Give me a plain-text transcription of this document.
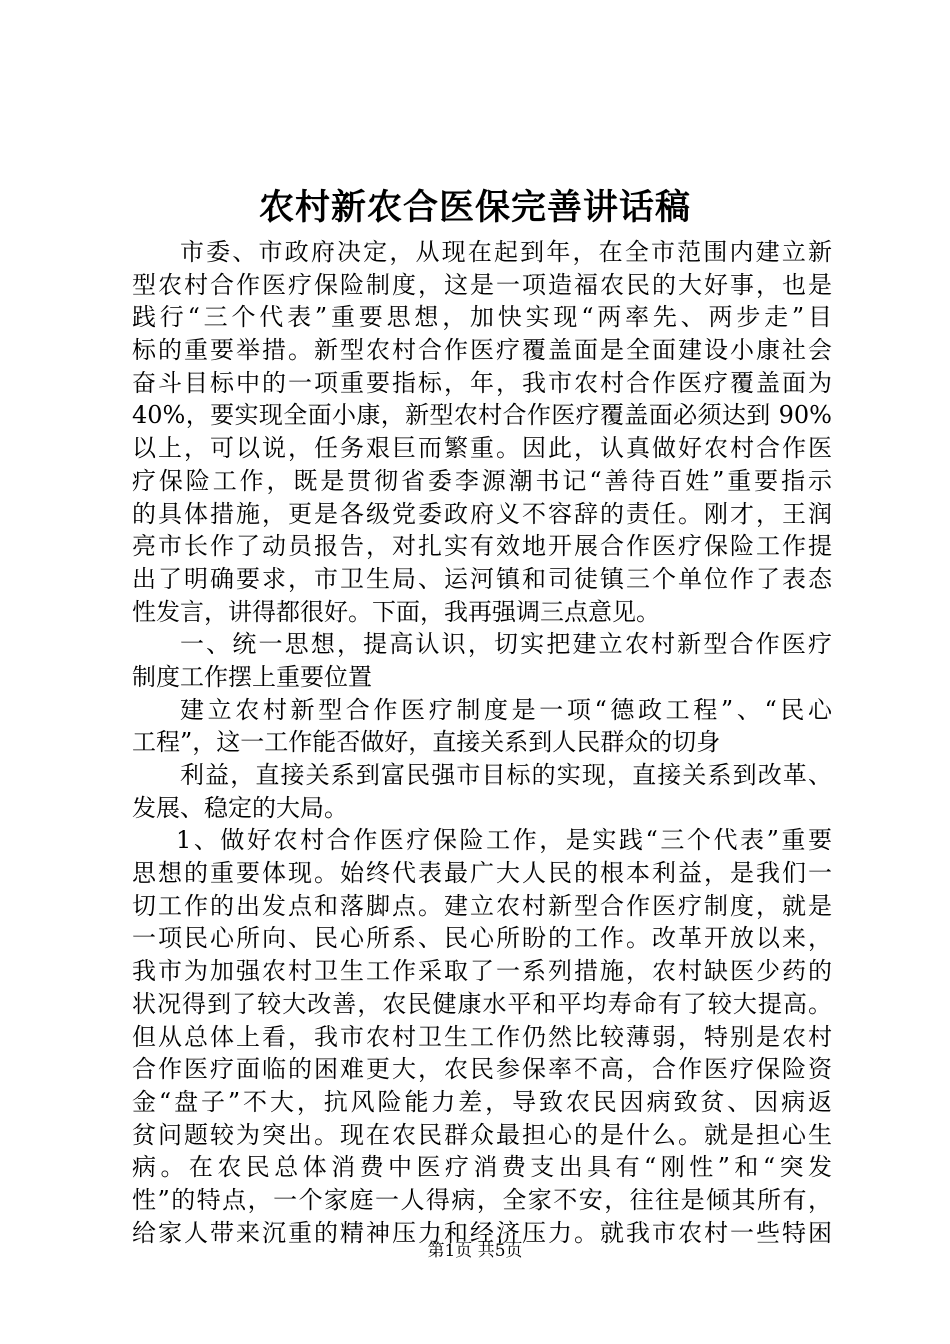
农村新农合医保完善讲话稿
市委、市政府决定，从现在起到年，在全市范围内建立新
型农村合作医疗保险制度，这是一项造福农民的大好事，也是
践行“三个代表”重要思想，加快实现“两率先、两步走”目
标的重要举措。新型农村合作医疗覆盖面是全面建设小康社会
奋斗目标中的一项重要指标，年，我市农村合作医疗覆盖面为
40%，要实现全面小康，新型农村合作医疗覆盖面必须达到 90%
以上，可以说，任务艰巨而繁重。因此，认真做好农村合作医
疗保险工作，既是贯彻省委李源潮书记“善待百姓”重要指示
的具体措施，更是各级党委政府义不容辞的责任。刚才，王润
亮市长作了动员报告，对扎实有效地开展合作医疗保险工作提
出了明确要求，市卫生局、运河镇和司徒镇三个单位作了表态
性发言，讲得都很好。下面，我再强调三点意见。
一、统一思想，提高认识，切实把建立农村新型合作医疗
制度工作摆上重要位置
建立农村新型合作医疗制度是一项“德政工程”、“民心
工程”，这一工作能否做好，直接关系到人民群众的切身
利益，直接关系到富民强市目标的实现，直接关系到改革、
发展、稳定的大局。
1、做好农村合作医疗保险工作，是实践“三个代表”重要
思想的重要体现。始终代表最广大人民的根本利益，是我们一
切工作的出发点和落脚点。建立农村新型合作医疗制度，就是
一项民心所向、民心所系、民心所盼的工作。改革开放以来，
我市为加强农村卫生工作采取了一系列措施，农村缺医少药的
状况得到了较大改善，农民健康水平和平均寿命有了较大提高。
但从总体上看，我市农村卫生工作仍然比较薄弱，特别是农村
合作医疗面临的困难更大，农民参保率不高，合作医疗保险资
金“盘子”不大，抗风险能力差，导致农民因病致贫、因病返
贫问题较为突出。现在农民群众最担心的是什么。就是担心生
病。在农民总体消费中医疗消费支出具有“刚性”和“突发
性”的特点，一个家庭一人得病，全家不安，往往是倾其所有，
给家人带来沉重的精神压力和经济压力。就我市农村一些特困
第1页 共5页
